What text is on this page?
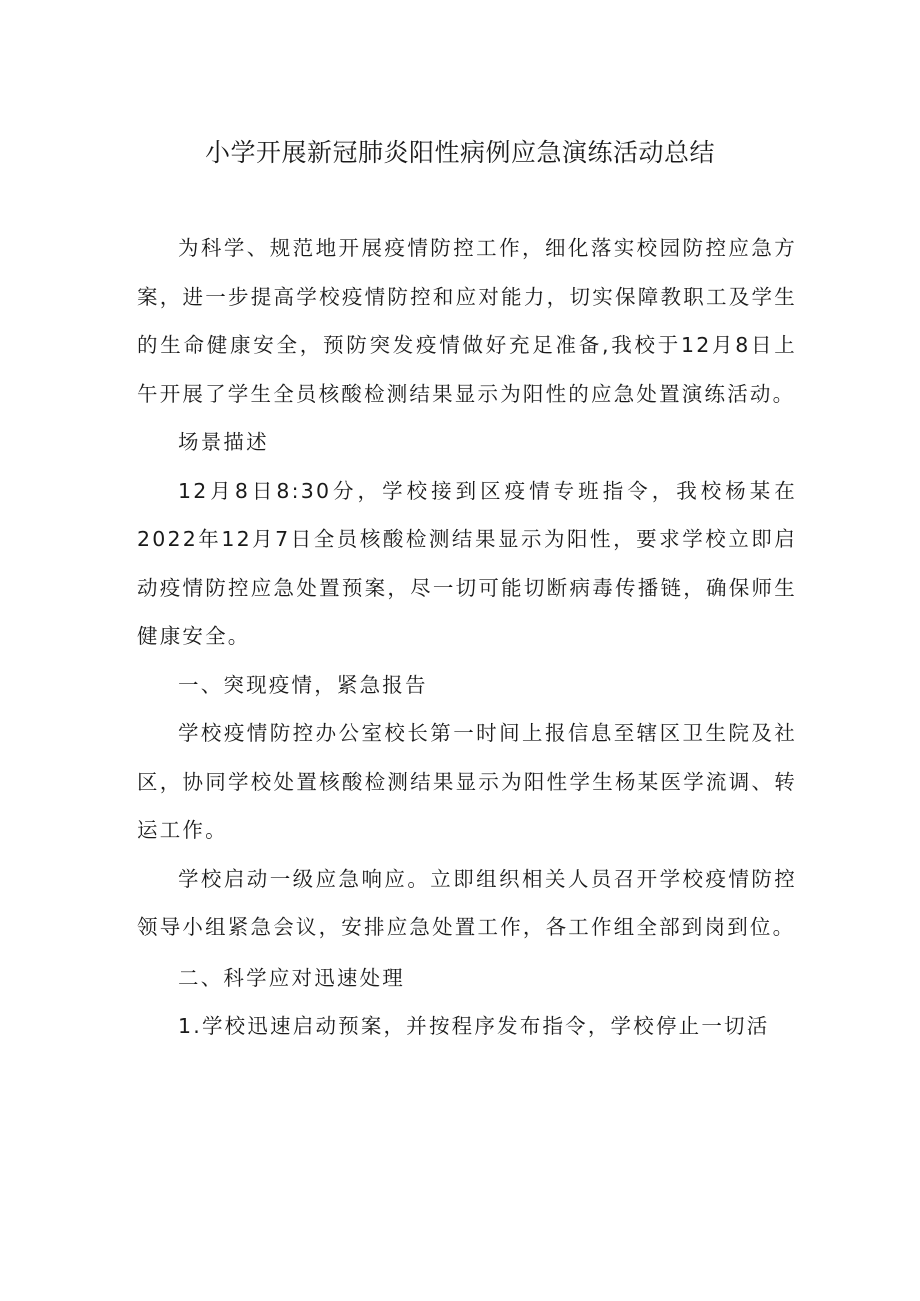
小学开展新冠肺炎阳性病例应急演练活动总结

为科学、规范地开展疫情防控工作，细化落实校园防控应急方案，进一步提高学校疫情防控和应对能力，切实保障教职工及学生的生命健康安全，预防突发疫情做好充足准备,我校于12月8日上午开展了学生全员核酸检测结果显示为阳性的应急处置演练活动。

场景描述

12月8日8:30分，学校接到区疫情专班指令，我校杨某在2022年12月7日全员核酸检测结果显示为阳性，要求学校立即启动疫情防控应急处置预案，尽一切可能切断病毒传播链，确保师生健康安全。

一、突现疫情，紧急报告

学校疫情防控办公室校长第一时间上报信息至辖区卫生院及社区，协同学校处置核酸检测结果显示为阳性学生杨某医学流调、转运工作。

学校启动一级应急响应。立即组织相关人员召开学校疫情防控领导小组紧急会议，安排应急处置工作，各工作组全部到岗到位。

二、科学应对迅速处理

1.学校迅速启动预案，并按程序发布指令，学校停止一切活
